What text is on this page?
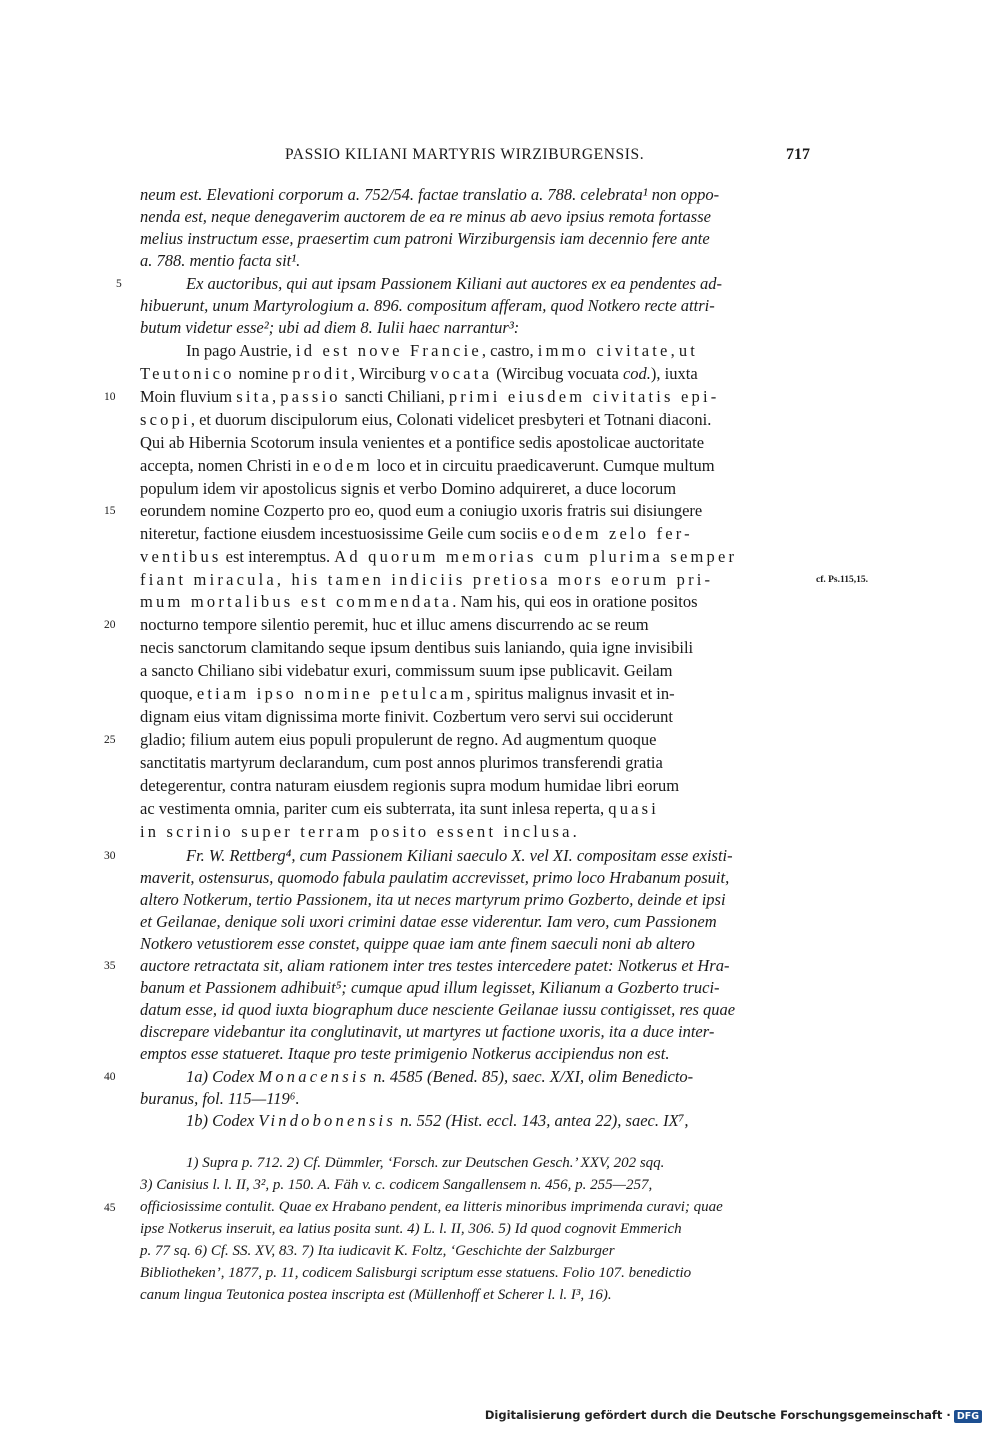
PASSIO KILIANI MARTYRIS WIRZIBURGENSIS.	717
neum est. Elevationi corporum a. 752/54. factae translatio a. 788. celebrata¹ non oppo-
nenda est, neque denegaverim auctorem de ea re minus ab aevo ipsius remota fortasse
melius instructum esse, praesertim cum patroni Wirziburgensis iam decennio fere ante
a. 788. mentio facta sit¹.
Ex auctoribus, qui aut ipsam Passionem Kiliani aut auctores ex ea pendentes ad-
hibuerunt, unum Martyrologium a. 896. compositum afferam, quod Notkero recte attri-
butum videtur esse²; ubi ad diem 8. Iulii haec narrantur³:
In pago Austrie, id est nove Francie, castro, immo civitate, ut
Teutonico nomine prodit, Wirciburg vocata (Wircibug vocuata cod.), iuxta
Moin fluvium sita, passio sancti Chiliani, primi eiusdem civitatis epi-
scopi, et duorum discipulorum eius, Colonati videlicet presbyteri et Totnani diaconi.
Qui ab Hibernia Scotorum insula venientes et a pontifice sedis apostolicae auctoritate
accepta, nomen Christi in eodem loco et in circuitu praedicaverunt. Cumque multum
populum idem vir apostolicus signis et verbo Domino adquireret, a duce locorum
eorundem nomine Cozperto pro eo, quod eum a coniugio uxoris fratris sui disiungere
niteretur, factione eiusdem incestuosissime Geile cum sociis eodem zelo fer-
ventibus est interemptus. Ad quorum memorias cum plurima semper
fiant miracula, his tamen indiciis pretiosa mors eorum pri-
mum mortalibus est commendata. Nam his, qui eos in oratione positos
nocturno tempore silentio peremit, huc et illuc amens discurrendo ac se reum
necis sanctorum clamitando seque ipsum dentibus suis laniando, quia igne invisibili
a sancto Chiliano sibi videbatur exuri, commissum suum ipse publicavit. Geilam
quoque, etiam ipso nomine petulcam, spiritus malignus invasit et in-
dignam eius vitam dignissima morte finivit. Cozbertum vero servi sui occiderunt
gladio; filium autem eius populi propulerunt de regno. Ad augmentum quoque
sanctitatis martyrum declarandum, cum post annos plurimos transferendi gratia
detegerentur, contra naturam eiusdem regionis supra modum humidae libri eorum
ac vestimenta omnia, pariter cum eis subterrata, ita sunt inlesa reperta, quasi
in scrinio super terram posito essent inclusa.
cf. Ps.115,15.
Fr. W. Rettberg⁴, cum Passionem Kiliani saeculo X. vel XI. compositam esse existi-
maverit, ostensurus, quomodo fabula paulatim accrevisset, primo loco Hrabanum posuit,
altero Notkerum, tertio Passionem, ita ut neces martyrum primo Gozberto, deinde et ipsi
et Geilanae, denique soli uxori crimini datae esse viderentur. Iam vero, cum Passionem
Notkero vetustiorem esse constet, quippe quae iam ante finem saeculi noni ab altero
auctore retractata sit, aliam rationem inter tres testes intercedere patet: Notkerus et Hra-
banum et Passionem adhibuit⁵; cumque apud illum legisset, Kilianum a Gozberto truci-
datum esse, id quod iuxta biographum duce nesciente Geilanae iussu contigisset, res quae
discrepare videbantur ita conglutinavit, ut martyres ut factione uxoris, ita a duce inter-
emptos esse statueret. Itaque pro teste primigenio Notkerus accipiendus non est.
1a) Codex Monacensis n. 4585 (Bened. 85), saec. X/XI, olim Benedicto-
buranus, fol. 115—119⁶.
1b) Codex Vindobonensis n. 552 (Hist. eccl. 143, antea 22), saec. IX⁷,
1) Supra p. 712. 2) Cf. Dümmler, ‘Forsch. zur Deutschen Gesch.’ XXV, 202 sqq.
3) Canisius l. l. II, 3², p. 150. A. Fäh v. c. codicem Sangallensem n. 456, p. 255—257,
officiosissime contulit. Quae ex Hrabano pendent, ea litteris minoribus imprimenda curavi; quae
ipse Notkerus inseruit, ea latius posita sunt. 4) L. l. II, 306. 5) Id quod cognovit Emmerich
p. 77 sq. 6) Cf. SS. XV, 83. 7) Ita iudicavit K. Foltz, ‘Geschichte der Salzburger
Bibliotheken’, 1877, p. 11, codicem Salisburgi scriptum esse statuens. Folio 107. benedictio
canum lingua Teutonica postea inscripta est (Müllenhoff et Scherer l. l. I³, 16).
5
10
15
20
25
30
35
40
45
Digitalisierung gefördert durch die Deutsche Forschungsgemeinschaft · DFG
